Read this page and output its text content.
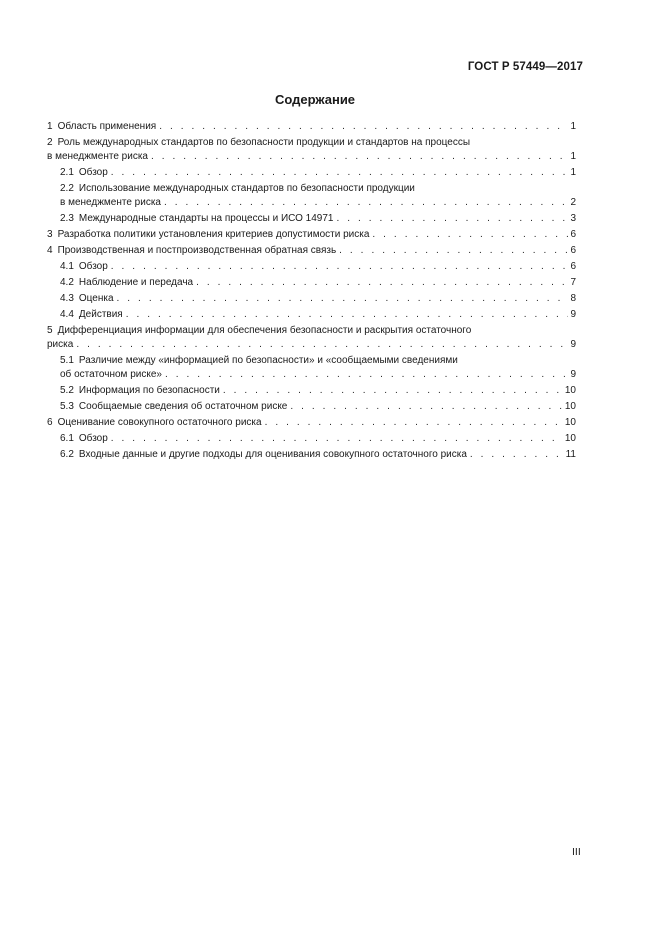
ГОСТ Р 57449—2017
Содержание
1  Область применения . . .	1
2  Роль международных стандартов по безопасности продукции и стандартов на процессы
в менеджменте риска . . .	1
2.1  Обзор . . .	1
2.2  Использование международных стандартов по безопасности продукции
в менеджменте риска . . .	2
2.3  Международные стандарты на процессы и ИСО 14971 . . .	3
3  Разработка политики установления критериев допустимости риска . . .	6
4  Производственная и постпроизводственная обратная связь . . .	6
4.1  Обзор . . .	6
4.2  Наблюдение и передача . . .	7
4.3  Оценка . . .	8
4.4  Действия . . .	9
5  Дифференциация информации для обеспечения безопасности и раскрытия остаточного
риска . . .	9
5.1  Различие между «информацией по безопасности» и «сообщаемыми сведениями
об остаточном риске» . . .	9
5.2  Информация по безопасности . . .	10
5.3  Сообщаемые сведения об остаточном риске . . .	10
6  Оценивание совокупного остаточного риска . . .	10
6.1  Обзор . . .	10
6.2  Входные данные и другие подходы для оценивания совокупного остаточного риска . . .	11
III
